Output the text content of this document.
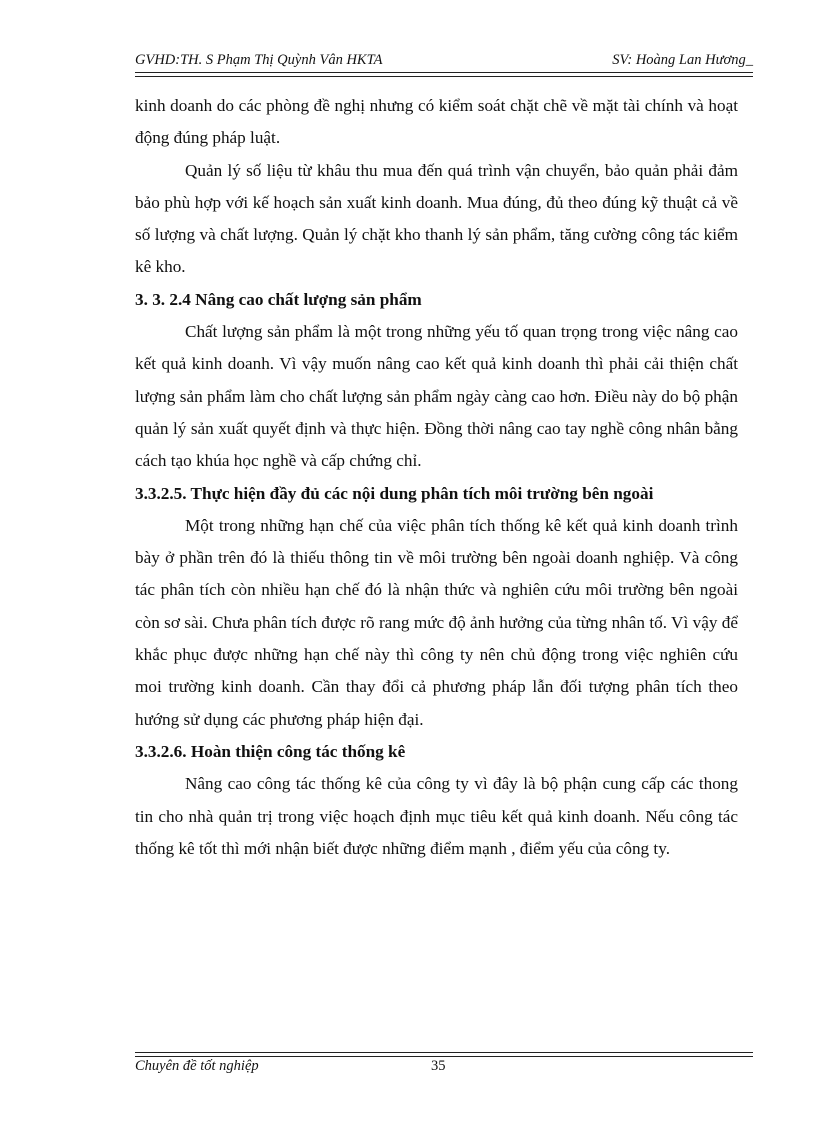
GVHD:TH. S Phạm Thị Quỳnh Vân HKTA	SV: Hoàng Lan Hương_

kinh doanh do các phòng đề nghị nhưng có kiểm soát chặt chẽ về mặt tài chính và hoạt động đúng pháp luật.

Quản lý số liệu từ khâu thu mua đến quá trình vận chuyển, bảo quản phải đảm bảo phù hợp với kế hoạch sản xuất kinh doanh. Mua đúng, đủ theo đúng kỹ thuật cả về số lượng và chất lượng. Quản lý chặt kho thanh lý sản phẩm, tăng cường công tác kiểm kê kho.

3. 3. 2.4 Nâng cao chất lượng sản phẩm

Chất lượng sản phẩm là một trong những yếu tố quan trọng trong việc nâng cao kết quả kinh doanh. Vì vậy muốn nâng cao kết quả kinh doanh thì phải cải thiện chất lượng sản phẩm làm cho chất lượng sản phẩm ngày càng cao hơn. Điều này do bộ phận quản lý sản xuất quyết định và thực hiện. Đồng thời nâng cao tay nghề công nhân bằng cách tạo khúa học nghề và cấp chứng chỉ.

3.3.2.5. Thực hiện đầy đủ các nội dung phân tích môi trường bên ngoài

Một trong những hạn chế của việc phân tích thống kê kết quả kinh doanh trình bày ở phần trên đó là thiếu thông tin về môi trường bên ngoài doanh nghiệp. Và công tác phân tích còn nhiều hạn chế đó là nhận thức và nghiên cứu môi trường bên ngoài còn sơ sài. Chưa phân tích được rõ rang mức độ ảnh hưởng của từng nhân tố. Vì vậy để khắc phục được những hạn chế này thì công ty nên chủ động trong việc nghiên cứu moi trường kinh doanh. Cần thay đổi cả phương pháp lẫn đối tượng phân tích theo hướng sử dụng các phương pháp hiện đại.

3.3.2.6. Hoàn thiện công tác thống kê

Nâng cao công tác thống kê của công ty vì đây là bộ phận cung cấp các thong tin cho nhà quản trị trong việc hoạch định mục tiêu kết quả kinh doanh. Nếu công tác thống kê tốt thì mới nhận biết được những điểm mạnh , điểm yếu của công ty.

Chuyên đề tốt nghiệp	35
